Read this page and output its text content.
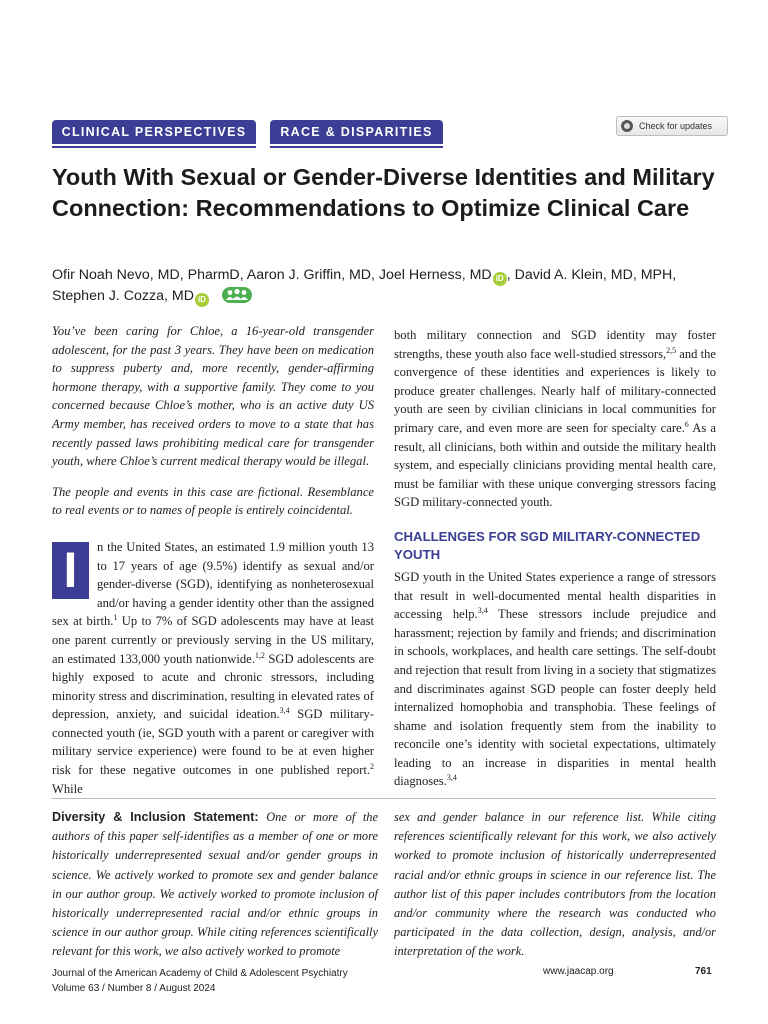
CLINICAL PERSPECTIVES	RACE & DISPARITIES	Check for updates
Youth With Sexual or Gender-Diverse Identities and Military Connection: Recommendations to Optimize Clinical Care
Ofir Noah Nevo, MD, PharmD, Aaron J. Griffin, MD, Joel Herness, MD iD , David A. Klein, MD, MPH,
Stephen J. Cozza, MD iD

You’ve been caring for Chloe, a 16-year-old transgender adolescent, for the past 3 years. They have been on medication to suppress puberty and, more recently, gender-affirming hormone therapy, with a supportive family. They come to you concerned because Chloe’s mother, who is an active duty US Army member, has received orders to move to a state that has recently passed laws prohibiting medical care for transgender youth, where Chloe’s current medical therapy would be illegal.

The people and events in this case are fictional. Resemblance to real events or to names of people is entirely coincidental.

I	n the United States, an estimated 1.9 million youth 13 to 17 years of age (9.5%) identify as sexual and/or gender-diverse (SGD), identifying as nonheterosexual and/or having a gender identity other than the assigned sex at birth.$^1$ Up to 7% of SGD adolescents may have at least one parent currently or previously serving in the US military, an estimated 133,000 youth nationwide.$^{1,2}$ SGD adolescents are highly exposed to acute and chronic stressors, including minority stress and discrimination, resulting in elevated rates of depression, anxiety, and suicidal ideation.$^{3,4}$ SGD military-connected youth (ie, SGD youth with a parent or caregiver with military service experience) were found to be at even higher risk for these negative outcomes in one published report.$^2$ While

both military connection and SGD identity may foster strengths, these youth also face well-studied stressors,$^{2,5}$ and the convergence of these identities and experiences is likely to produce greater challenges. Nearly half of military-connected youth are seen by civilian clinicians in local communities for primary care, and even more are seen for specialty care.$^6$ As a result, all clinicians, both within and outside the military health system, and especially clinicians providing mental health care, must be familiar with these unique converging stressors facing SGD military-connected youth.

CHALLENGES FOR SGD MILITARY-CONNECTED YOUTH

SGD youth in the United States experience a range of stressors that result in well-documented mental health disparities in accessing help.$^{3,4}$ These stressors include prejudice and harassment; rejection by family and friends; and discrimination in schools, workplaces, and health care settings. The self-doubt and rejection that result from living in a society that stigmatizes and discriminates against SGD people can foster deeply held internalized homophobia and transphobia. These feelings of shame and isolation frequently stem from the inability to reconcile one’s identity with societal expectations, ultimately leading to an increase in disparities in mental health diagnoses.$^{3,4}$

Diversity & Inclusion Statement: One or more of the authors of this paper self-identifies as a member of one or more historically underrepresented sexual and/or gender groups in science. We actively worked to promote sex and gender balance in our author group. We actively worked to promote inclusion of historically underrepresented racial and/or ethnic groups in science in our author group. While citing references scientifically relevant for this work, we also actively worked to promote
sex and gender balance in our reference list. While citing references scientifically relevant for this work, we also actively worked to promote inclusion of historically underrepresented racial and/or ethnic groups in science in our reference list. The author list of this paper includes contributors from the location and/or community where the research was conducted who participated in the data collection, design, analysis, and/or interpretation of the work.
Journal of the American Academy of Child & Adolescent Psychiatry
Volume 63 / Number 8 / August 2024
www.jaacap.org	761
